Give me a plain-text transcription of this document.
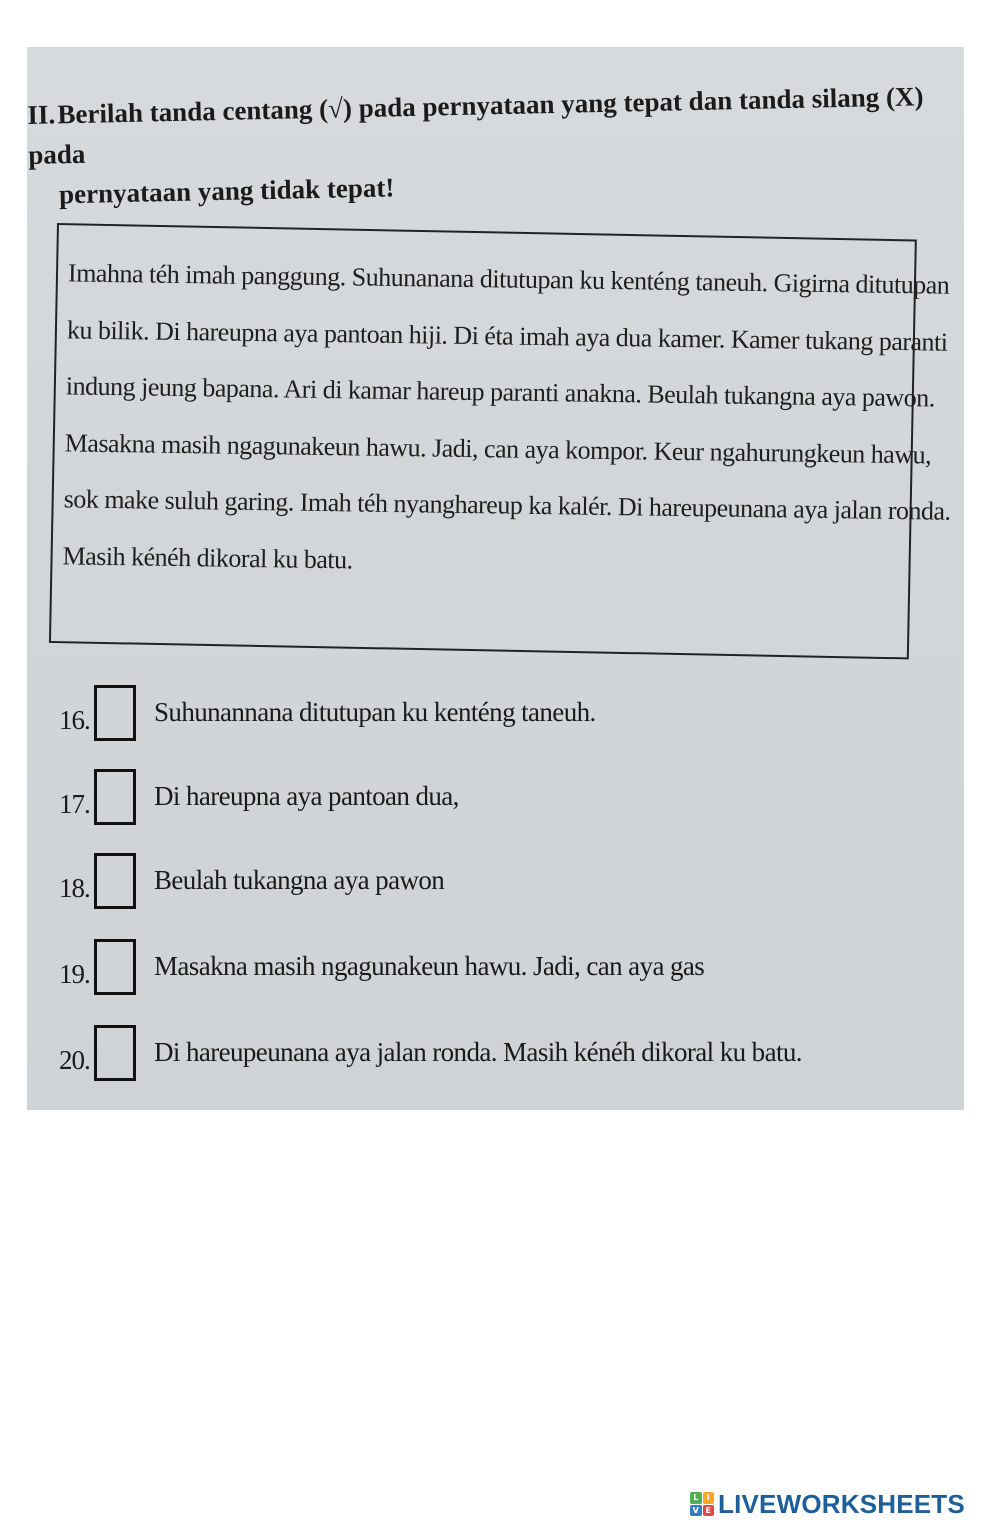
II.Berilah tanda centang (√) pada pernyataan yang tepat dan tanda silang (X) pada
pernyataan yang tidak tepat!
Imahna téh imah panggung. Suhunanana ditutupan ku kenténg taneuh. Gigirna ditutupan
ku bilik. Di hareupna aya pantoan hiji. Di éta imah aya dua kamer. Kamer tukang paranti
indung jeung bapana. Ari di kamar hareup paranti anakna. Beulah tukangna aya pawon.
Masakna masih ngagunakeun hawu. Jadi, can aya kompor. Keur ngahurungkeun hawu,
sok make suluh garing. Imah téh nyanghareup ka kalér. Di hareupeunana aya jalan ronda.
Masih kénéh dikoral ku batu.
16. Suhunannana ditutupan ku kenténg taneuh.
17. Di hareupna aya pantoan dua,
18. Beulah tukangna aya pawon
19. Masakna masih ngagunakeun hawu. Jadi, can aya gas
20. Di hareupeunana aya jalan ronda. Masih kénéh dikoral ku batu.
L	I
V E LIVEWORKSHEETS
